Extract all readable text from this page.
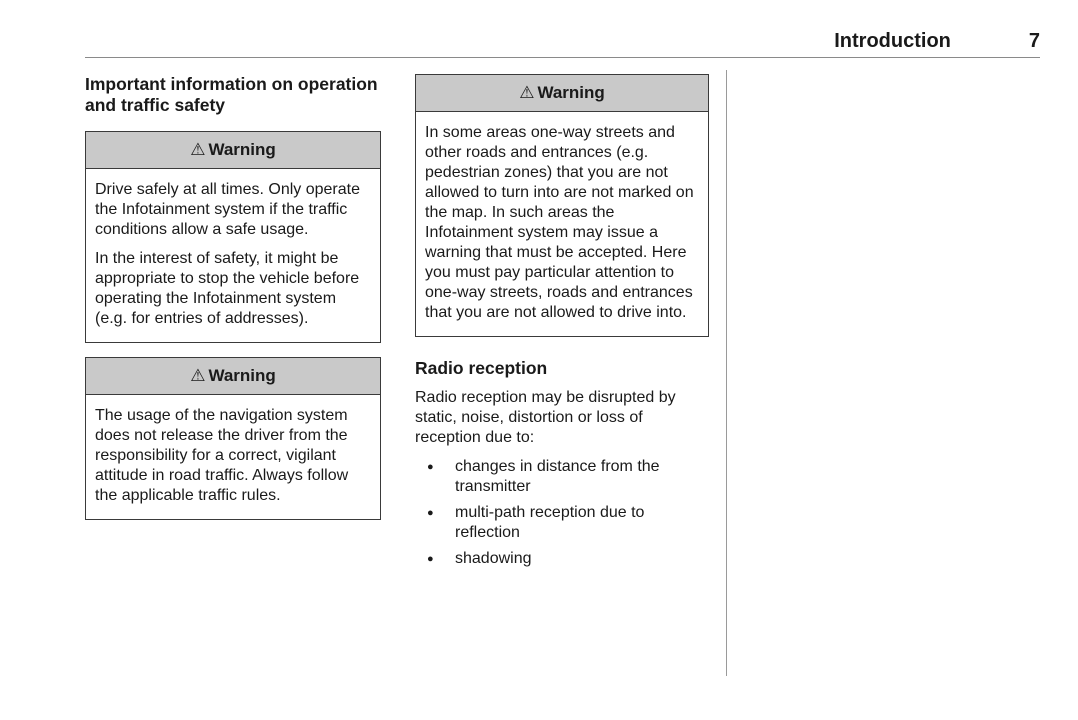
Introduction	7
Important information on operation and traffic safety
⚠ Warning

Drive safely at all times. Only operate the Infotainment system if the traffic conditions allow a safe usage.

In the interest of safety, it might be appropriate to stop the vehicle before operating the Infotainment system (e.g. for entries of addresses).

⚠ Warning

The usage of the navigation system does not release the driver from the responsibility for a correct, vigilant attitude in road traffic. Always follow the applicable traffic rules.

⚠ Warning

In some areas one-way streets and other roads and entrances (e.g. pedestrian zones) that you are not allowed to turn into are not marked on the map. In such areas the Infotainment system may issue a warning that must be accepted. Here you must pay particular attention to one-way streets, roads and entrances that you are not allowed to drive into.

Radio reception

Radio reception may be disrupted by static, noise, distortion or loss of reception due to:

●	changes in distance from the transmitter
●	multi-path reception due to reflection
●	shadowing
